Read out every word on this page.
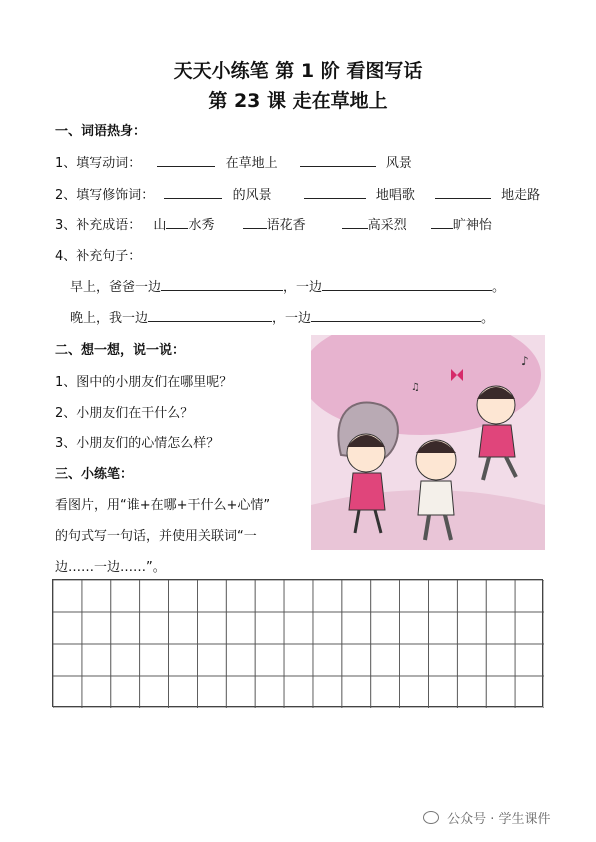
天天小练笔 第 1 阶 看图写话
第 23 课 走在草地上
一、词语热身：
1、填写动词：	在草地上	风景
2、填写修饰词：	的风景	地唱歌	地走路
3、补充成语： 山 水秀	语花香	高采烈	旷神怡
4、补充句子：
早上，爸爸一边	，一边	。
晚上，我一边	，一边	。
二、想一想，说一说：
1、图中的小朋友们在哪里呢？
2、小朋友们在干什么？
3、小朋友们的心情怎么样？
三、小练笔：
看图片，用“谁+在哪+干什么+心情”
的句式写一句话，并使用关联词“一
边……一边……”。
♪
♫
公众号 · 学生课件
